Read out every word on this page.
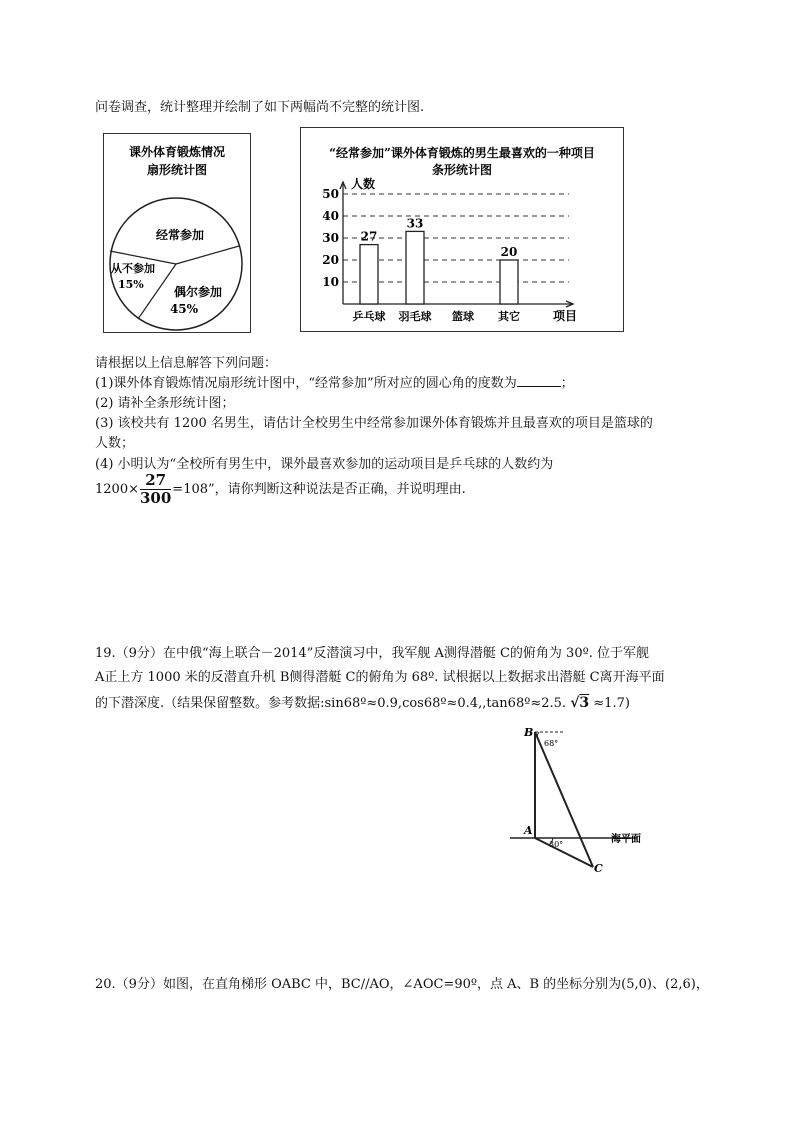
问卷调查，统计整理并绘制了如下两幅尚不完整的统计图.
课外体育锻炼情况
扇形统计图
经常参加
从不参加
15%
偶尔参加
45%
“经常参加”课外体育锻炼的男生最喜欢的一种项目
条形统计图
人数
项目
10
20
30
40
50
27
乒乓球
33
羽毛球 篮球
20
其它
请根据以上信息解答下列问题：
(1)课外体育锻炼情况扇形统计图中，“经常参加”所对应的圆心角的度数为	；
(2) 请补全条形统计图；
(3) 该校共有 1200 名男生，请估计全校男生中经常参加课外体育锻炼并且最喜欢的项目是篮球的
人数；
(4) 小明认为“全校所有男生中，课外最喜欢参加的运动项目是乒乓球的人数约为
$1200\times \frac{27}{300} =108$”，请你判断这种说法是否正确，并说明理由.
19.（9分）在中俄“海上联合－2014”反潜演习中，我军舰 A测得潜艇 C的俯角为 30º. 位于军舰
A正上方 1000 米的反潜直升机 B侧得潜艇 C的俯角为 68º. 试根据以上数据求出潜艇 C离开海平面
的下潜深度.（结果保留整数。参考数据:sin68º≈0.9,cos68º≈0.4,,tan68º≈2.5. √3 ≈1.7)
B
A
C
68°
30°	海平面
20.（9分）如图，在直角梯形 OABC 中，BC//AO，∠AOC=90º，点 A、B 的坐标分别为(5,0)、(2,6)，
